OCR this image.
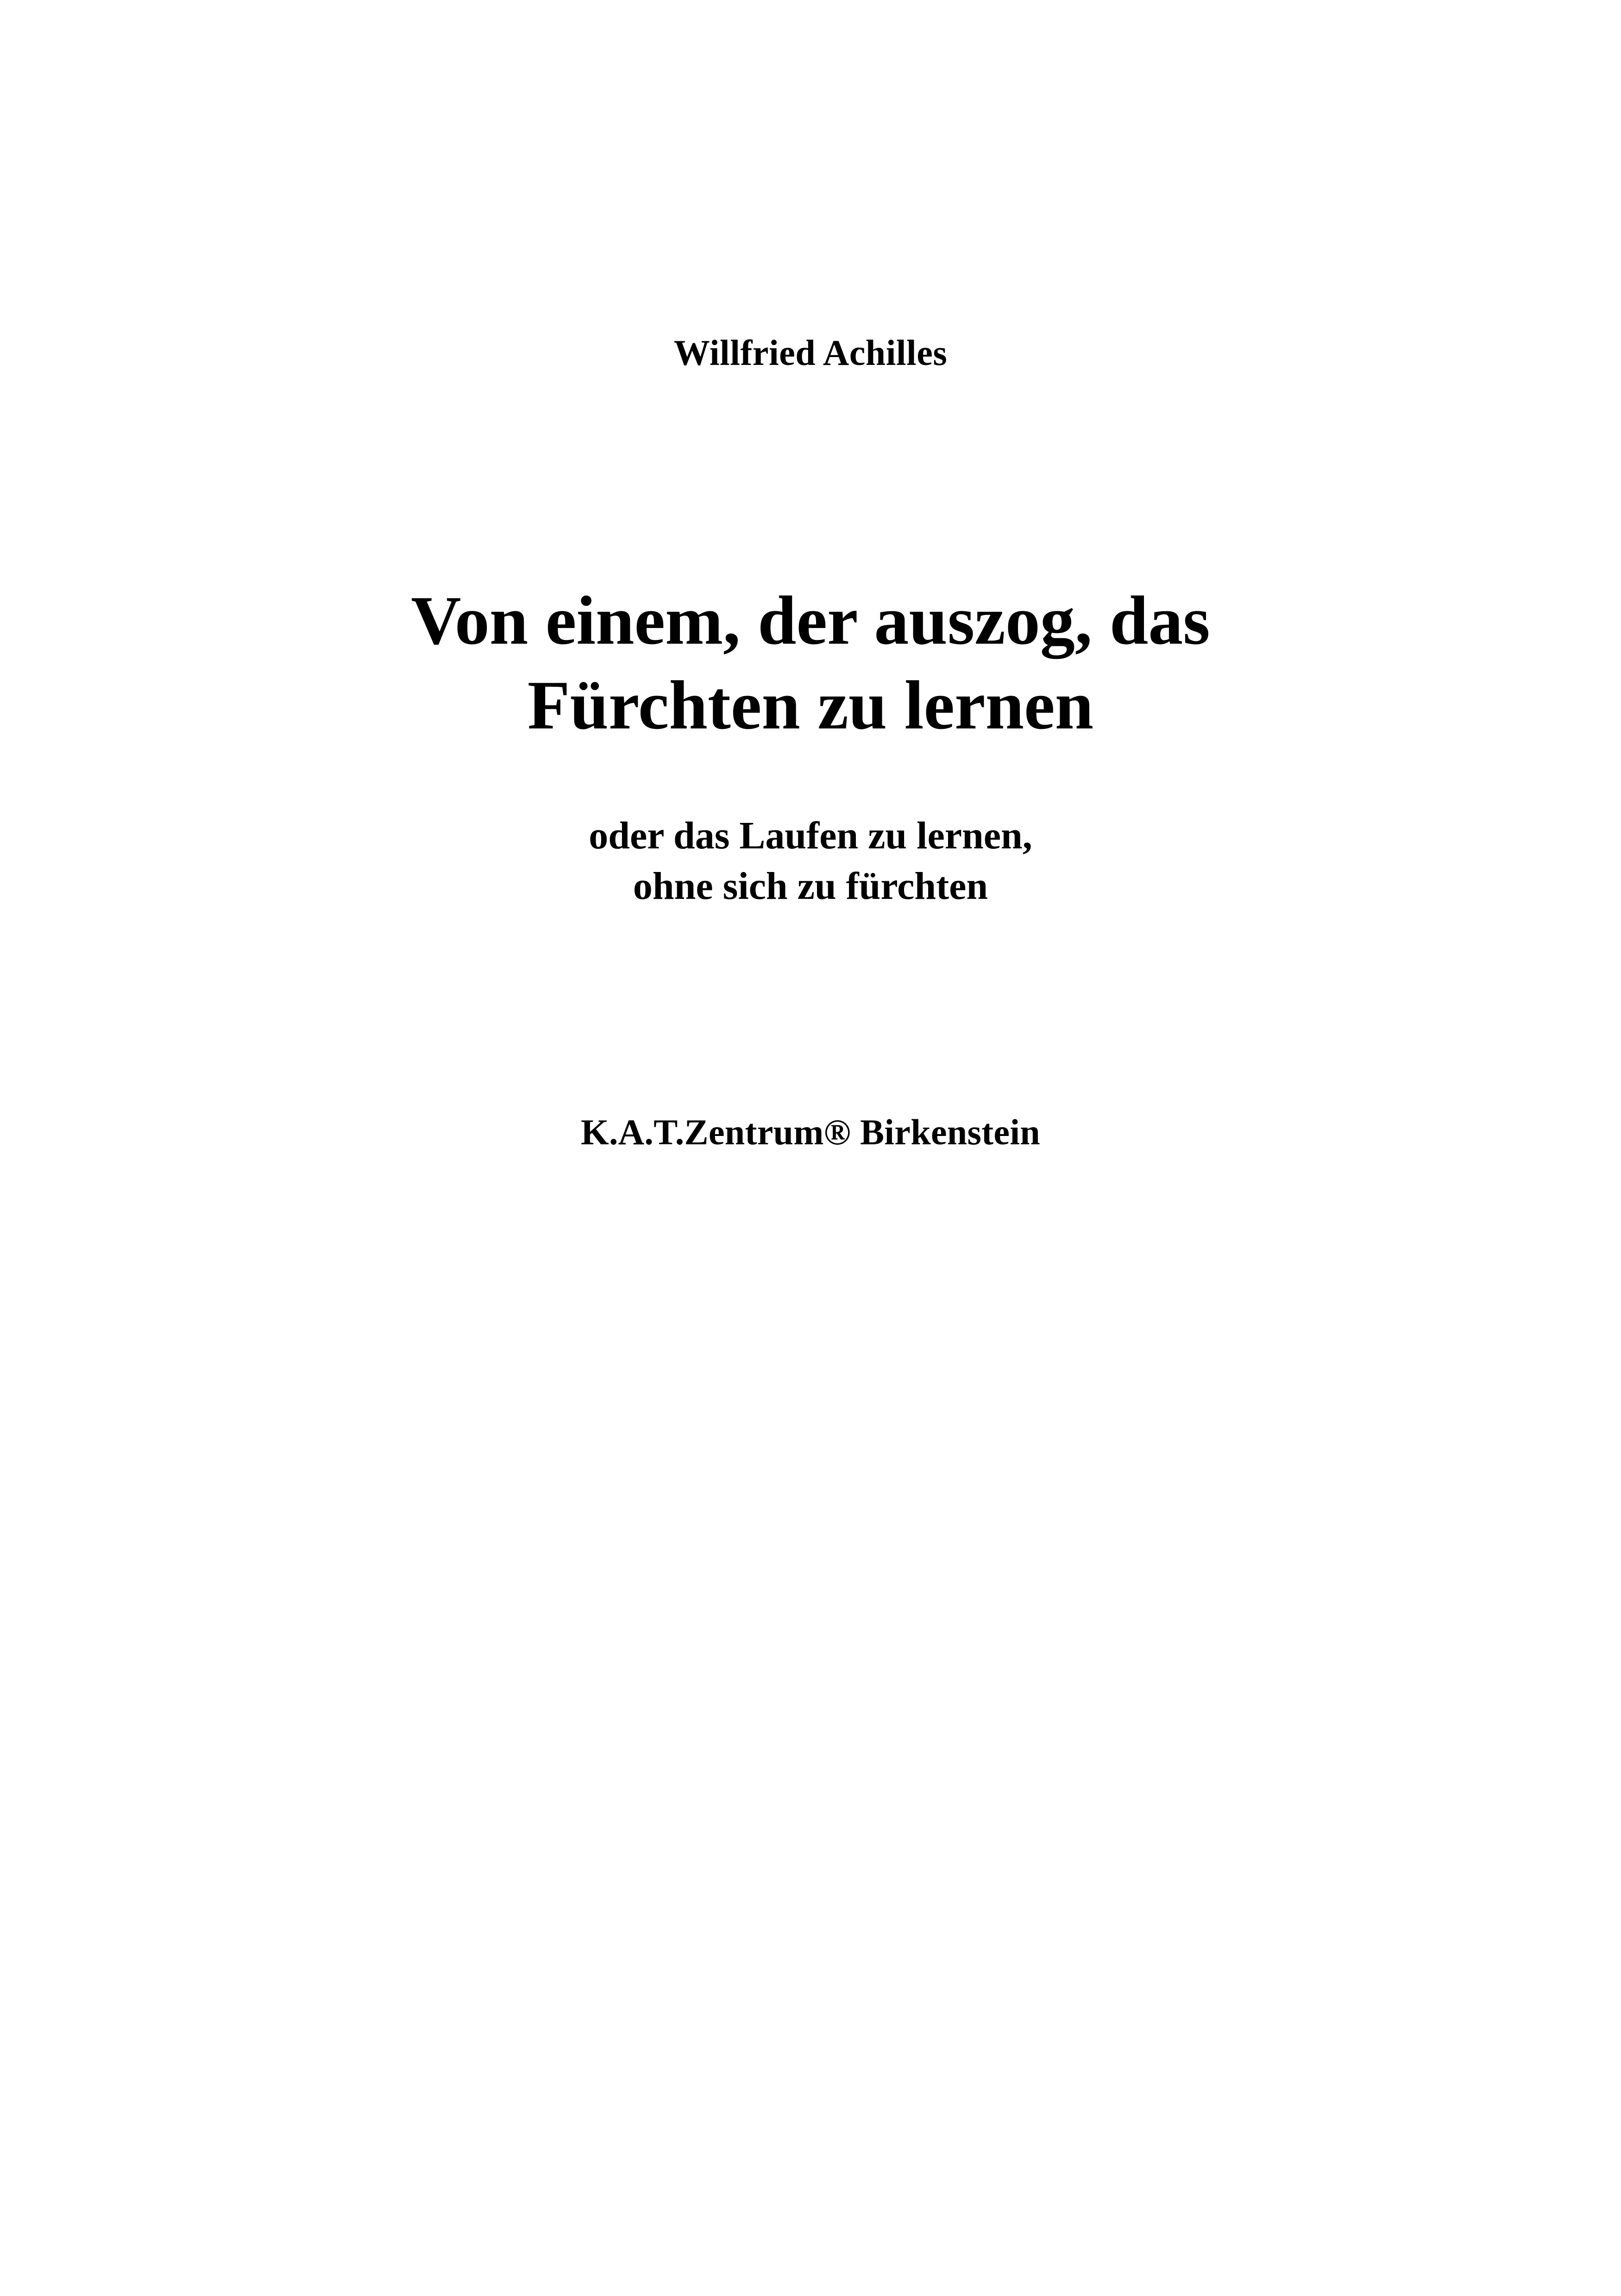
Willfried Achilles
Von einem, der auszog, das
Fürchten zu lernen
oder das Laufen zu lernen,
ohne sich zu fürchten
K.A.T.Zentrum® Birkenstein
